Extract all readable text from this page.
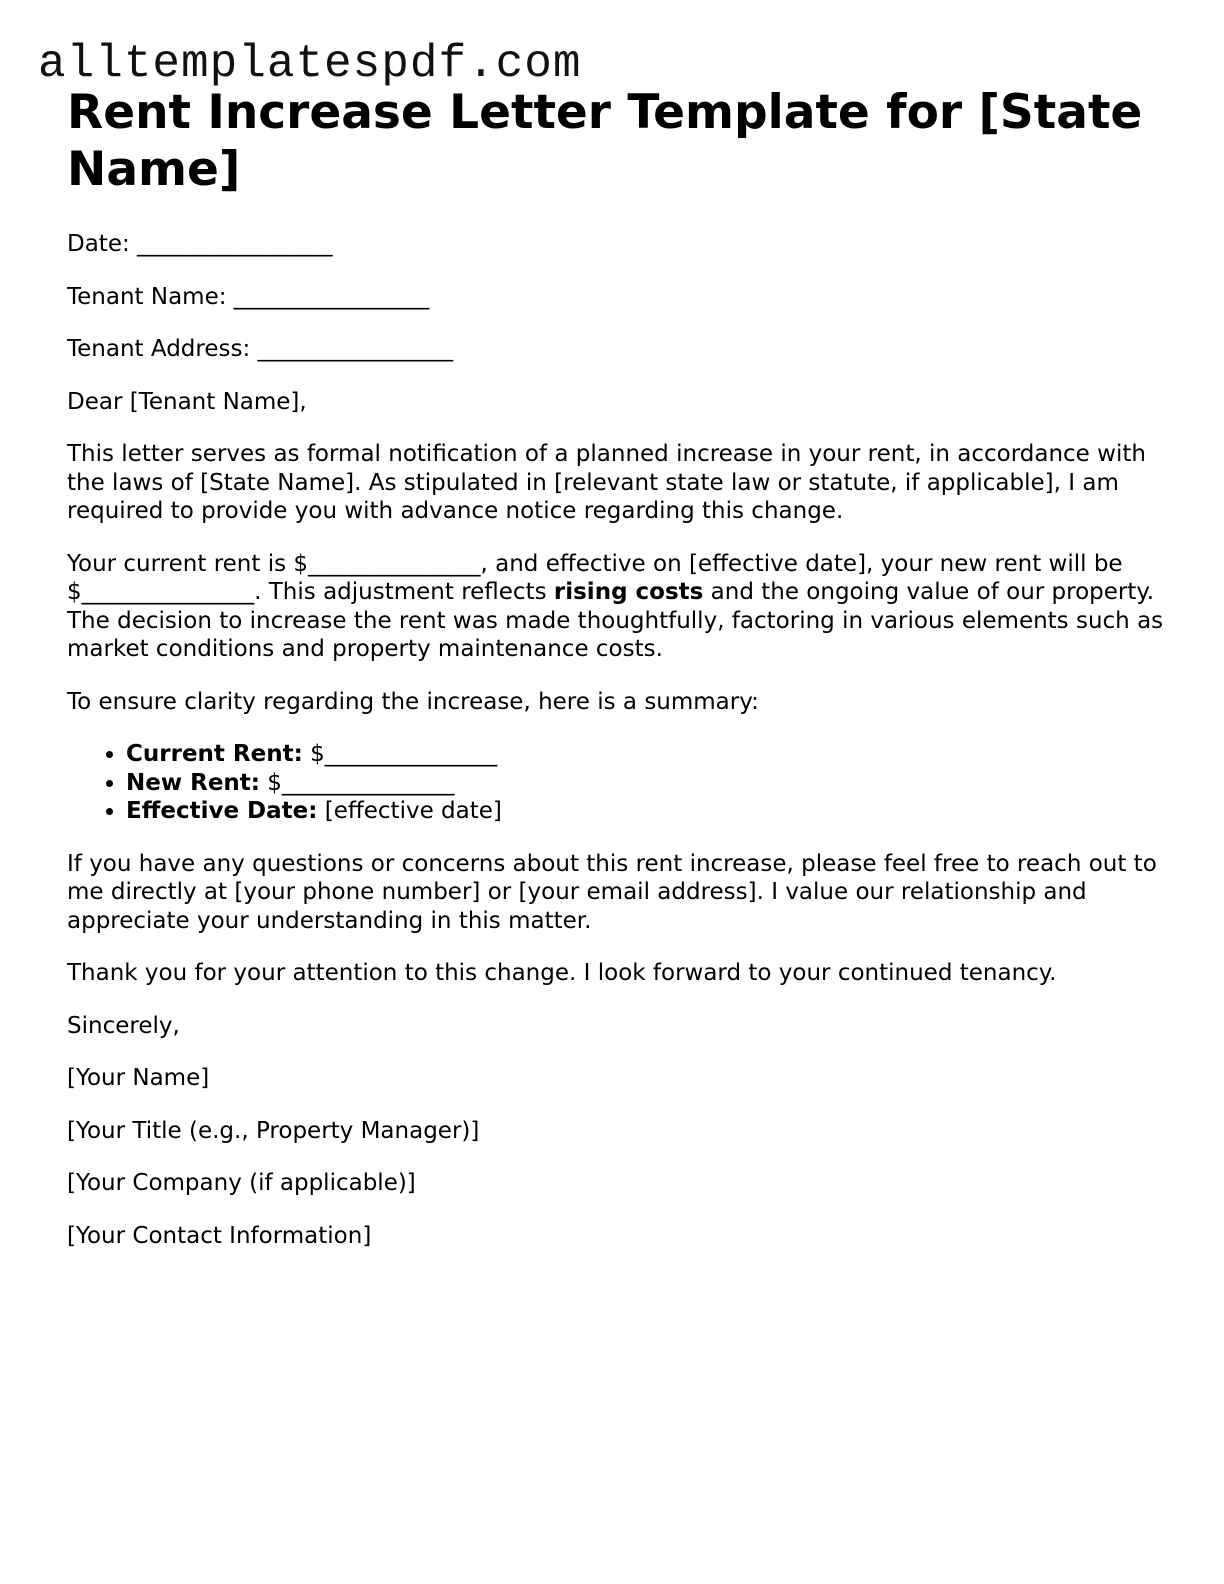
alltemplatespdf.com
Rent Increase Letter Template for [State Name]

Date: _________________

Tenant Name: _________________

Tenant Address: _________________

Dear [Tenant Name],

This letter serves as formal notification of a planned increase in your rent, in accordance with the laws of [State Name]. As stipulated in [relevant state law or statute, if applicable], I am required to provide you with advance notice regarding this change.

Your current rent is $_______________, and effective on [effective date], your new rent will be $_______________. This adjustment reflects rising costs and the ongoing value of our property. The decision to increase the rent was made thoughtfully, factoring in various elements such as market conditions and property maintenance costs.

To ensure clarity regarding the increase, here is a summary:

• Current Rent: $_______________
• New Rent: $_______________
• Effective Date: [effective date]

If you have any questions or concerns about this rent increase, please feel free to reach out to me directly at [your phone number] or [your email address]. I value our relationship and appreciate your understanding in this matter.

Thank you for your attention to this change. I look forward to your continued tenancy.

Sincerely,

[Your Name]

[Your Title (e.g., Property Manager)]

[Your Company (if applicable)]

[Your Contact Information]
